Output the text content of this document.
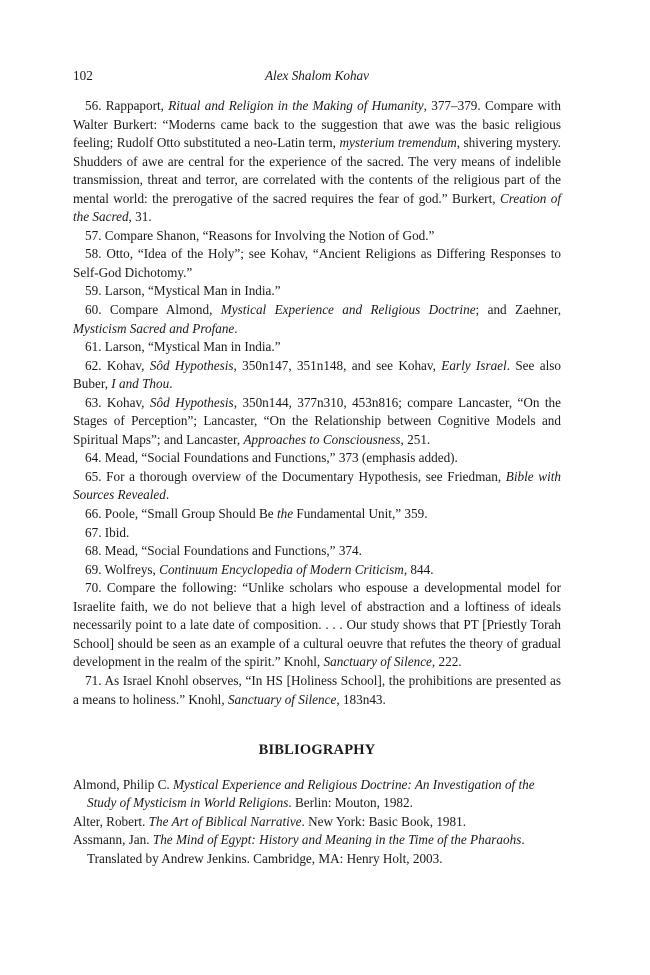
102	Alex Shalom Kohav

56. Rappaport, Ritual and Religion in the Making of Humanity, 377–379. Compare with Walter Burkert: “Moderns came back to the suggestion that awe was the basic religious feeling; Rudolf Otto substituted a neo-Latin term, mysterium tremendum, shivering mystery. Shudders of awe are central for the experience of the sacred. The very means of indelible transmission, threat and terror, are correlated with the contents of the religious part of the mental world: the prerogative of the sacred requires the fear of god.” Burkert, Creation of the Sacred, 31.

57. Compare Shanon, “Reasons for Involving the Notion of God.”

58. Otto, “Idea of the Holy”; see Kohav, “Ancient Religions as Differing Responses to Self-God Dichotomy.”

59. Larson, “Mystical Man in India.”

60. Compare Almond, Mystical Experience and Religious Doctrine; and Zaehner, Mysticism Sacred and Profane.

61. Larson, “Mystical Man in India.”

62. Kohav, Sôd Hypothesis, 350n147, 351n148, and see Kohav, Early Israel. See also Buber, I and Thou.

63. Kohav, Sôd Hypothesis, 350n144, 377n310, 453n816; compare Lancaster, “On the Stages of Perception”; Lancaster, “On the Relationship between Cognitive Models and Spiritual Maps”; and Lancaster, Approaches to Consciousness, 251.

64. Mead, “Social Foundations and Functions,” 373 (emphasis added).

65. For a thorough overview of the Documentary Hypothesis, see Friedman, Bible with Sources Revealed.

66. Poole, “Small Group Should Be the Fundamental Unit,” 359.

67. Ibid.

68. Mead, “Social Foundations and Functions,” 374.

69. Wolfreys, Continuum Encyclopedia of Modern Criticism, 844.

70. Compare the following: “Unlike scholars who espouse a developmental model for Israelite faith, we do not believe that a high level of abstraction and a loftiness of ideals necessarily point to a late date of composition. . . . Our study shows that PT [Priestly Torah School] should be seen as an example of a cultural oeuvre that refutes the theory of gradual development in the realm of the spirit.” Knohl, Sanctuary of Silence, 222.

71. As Israel Knohl observes, “In HS [Holiness School], the prohibitions are presented as a means to holiness.” Knohl, Sanctuary of Silence, 183n43.

BIBLIOGRAPHY

Almond, Philip C. Mystical Experience and Religious Doctrine: An Investigation of the Study of Mysticism in World Religions. Berlin: Mouton, 1982.

Alter, Robert. The Art of Biblical Narrative. New York: Basic Book, 1981.

Assmann, Jan. The Mind of Egypt: History and Meaning in the Time of the Pharaohs. Translated by Andrew Jenkins. Cambridge, MA: Henry Holt, 2003.
